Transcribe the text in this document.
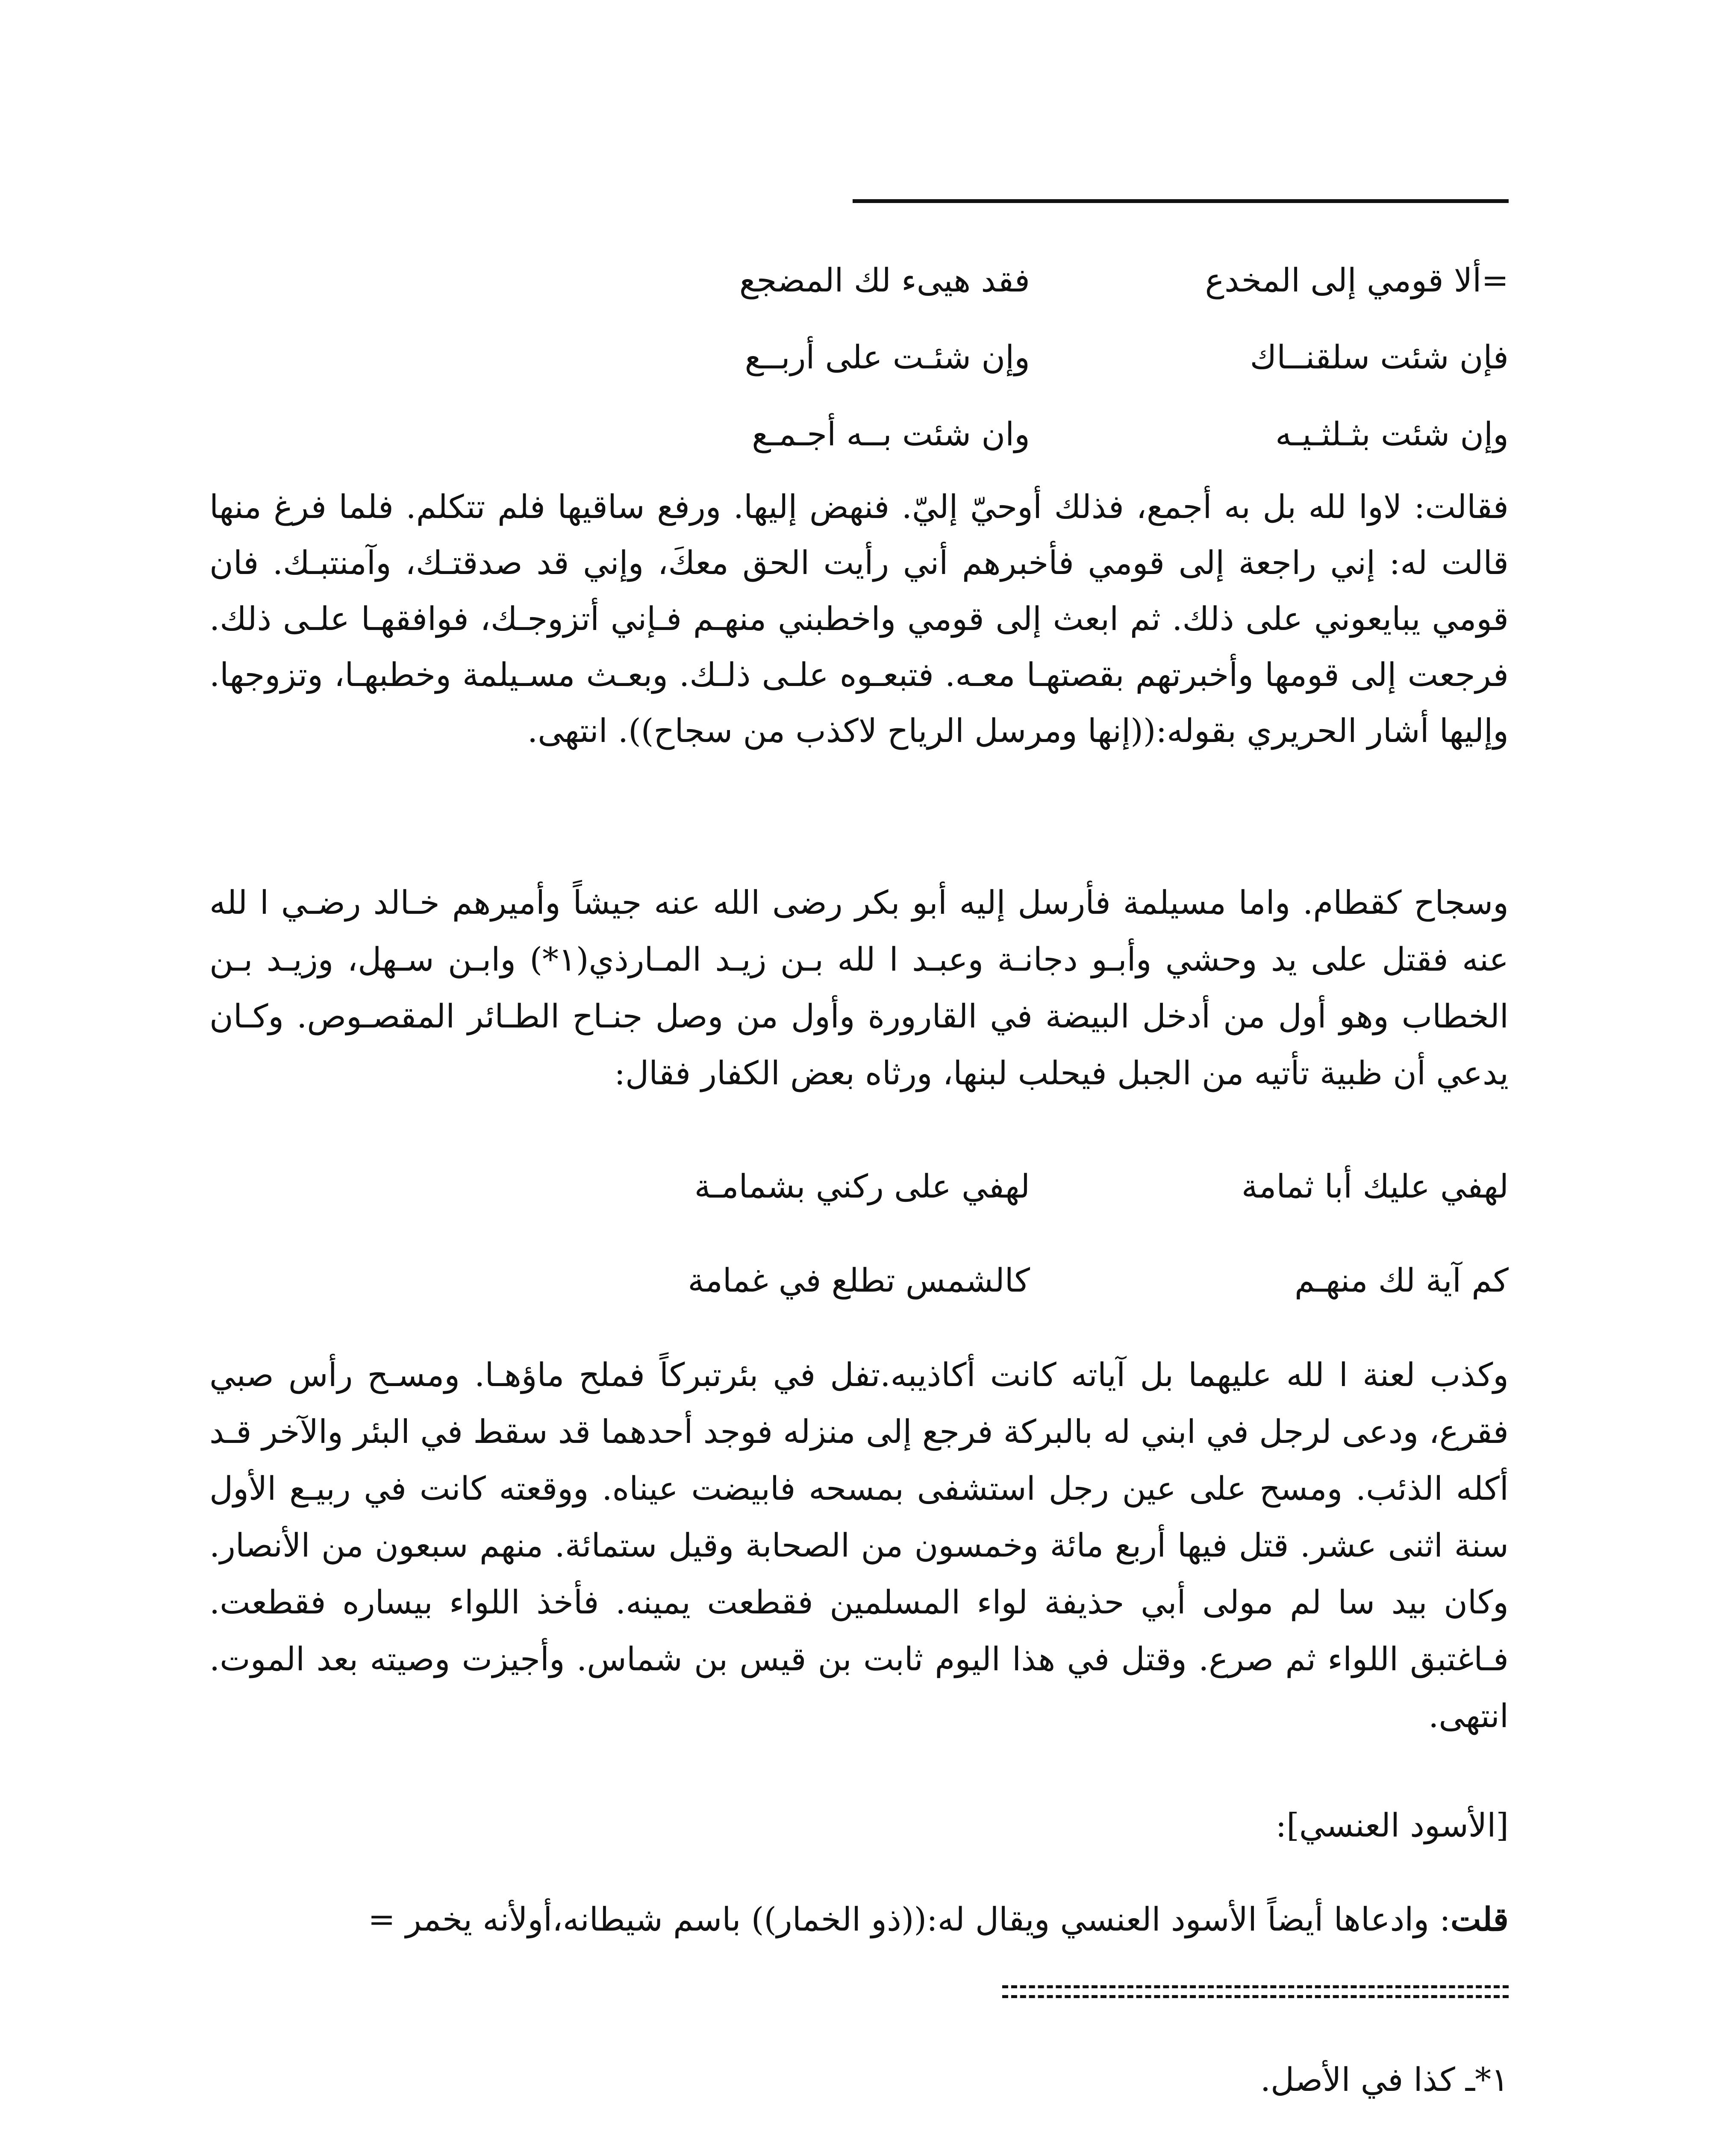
=ألا قومي إلى المخدع
فقد هيىء لك المضجع
فإن شئت سلقنــاك
وإن شئـت على أربــع
وإن شئت بثـلثـيـه
وان شئت بــه أجـمـع

فقالت: لاوا لله بل به أجمع، فذلك أوحيّ إليّ. فنهض إليها. ورفع ساقيها فلم تتكلم. فلما فرغ منها قالت له: إني راجعة إلى قومي فأخبرهم أني رأيت الحق معكَ، وإني قد صدقتـك، وآمنتبـك. فان قومي يبايعوني على ذلك. ثم ابعث إلى قومي واخطبني منهـم فـإني أتزوجـك، فوافقهـا علـى ذلك. فرجعت إلى قومها وأخبرتهم بقصتهـا معـه. فتبعـوه علـى ذلـك. وبعـث مسـيلمة وخطبهـا، وتزوجها. وإليها أشار الحريري بقوله:((إنها ومرسل الرياح لاكذب من سجاح)). انتهى.

وسجاح كقطام. واما مسيلمة فأرسل إليه أبو بكر رضى الله عنه جيشاً وأميرهم خـالد رضـي ا لله عنه فقتل على يد وحشي وأبـو دجانـة وعبـد ا لله بـن زيـد المـارذي(١*) وابـن سـهل، وزيـد بـن الخطاب وهو أول من أدخل البيضة في القارورة وأول من وصل جنـاح الطـائر المقصـوص. وكـان يدعي أن ظبية تأتيه من الجبل فيحلب لبنها، ورثاه بعض الكفار فقال:

لهفي عليك أبا ثمامة
لهفي على ركني بشمامـة
كم آية لك منهـم
كالشمس تطلع في غمامة

وكذب لعنة ا لله عليهما بل آياته كانت أكاذيبه.تفل في بئرتبركاً فملح ماؤهـا. ومسـح رأس صبي فقرع، ودعى لرجل في ابني له بالبركة فرجع إلى منزله فوجد أحدهما قد سقط في البئر والآخر قـد أكله الذئب. ومسح على عين رجل استشفى بمسحه فابيضت عيناه. ووقعته كانت في ربيـع الأول سنة اثنى عشر. قتل فيها أربع مائة وخمسون من الصحابة وقيل ستمائة. منهم سبعون من الأنصار. وكان بيد سا لم مولى أبي حذيفة لواء المسلمين فقطعت يمينه. فأخذ اللواء بيساره فقطعت. فـاغتبق اللواء ثم صرع. وقتل في هذا اليوم ثابت بن قيس بن شماس. وأجيزت وصيته بعد الموت. انتهى.

[الأسود العنسي]:

قلت: وادعاها أيضاً الأسود العنسي ويقال له:((ذو الخمار)) باسم شيطانه،أولأنه يخمر =

١*ـ كذا في الأصل.
